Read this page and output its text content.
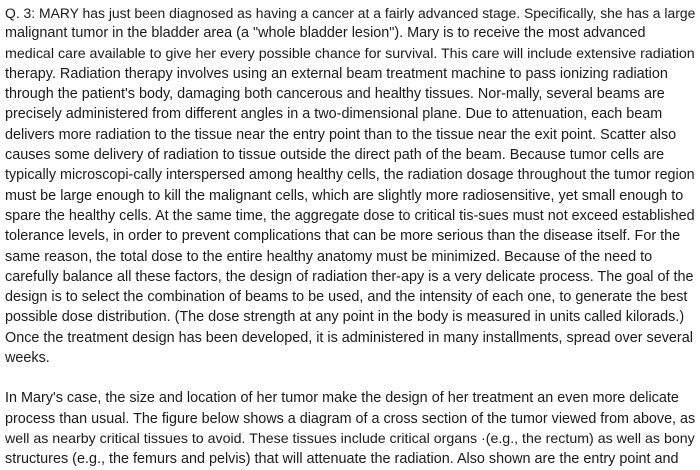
Q. 3: MARY has just been diagnosed as having a cancer at a fairly advanced stage. Specifically, she has a large
malignant tumor in the bladder area (a "whole bladder lesion"). Mary is to receive the most advanced
medical care available to give her every possible chance for survival. This care will include extensive radiation
therapy. Radiation therapy involves using an external beam treatment machine to pass ionizing radiation
through the patient's body, damaging both cancerous and healthy tissues. Nor-mally, several beams are
precisely administered from different angles in a two-dimensional plane. Due to attenuation, each beam
delivers more radiation to the tissue near the entry point than to the tissue near the exit point. Scatter also
causes some delivery of radiation to tissue outside the direct path of the beam. Because tumor cells are
typically microscopi-cally interspersed among healthy cells, the radiation dosage throughout the tumor region
must be large enough to kill the malignant cells, which are slightly more radiosensitive, yet small enough to
spare the healthy cells. At the same time, the aggregate dose to critical tis-sues must not exceed established
tolerance levels, in order to prevent complications that can be more serious than the disease itself. For the
same reason, the total dose to the entire healthy anatomy must be minimized. Because of the need to
carefully balance all these factors, the design of radiation ther-apy is a very delicate process. The goal of the
design is to select the combination of beams to be used, and the intensity of each one, to generate the best
possible dose distribution. (The dose strength at any point in the body is measured in units called kilorads.)
Once the treatment design has been developed, it is administered in many installments, spread over several
weeks.
In Mary's case, the size and location of her tumor make the design of her treatment an even more delicate
process than usual. The figure below shows a diagram of a cross section of the tumor viewed from above, as
well as nearby critical tissues to avoid. These tissues include critical organs ·(e.g., the rectum) as well as bony
structures (e.g., the femurs and pelvis) that will attenuate the radiation. Also shown are the entry point and
